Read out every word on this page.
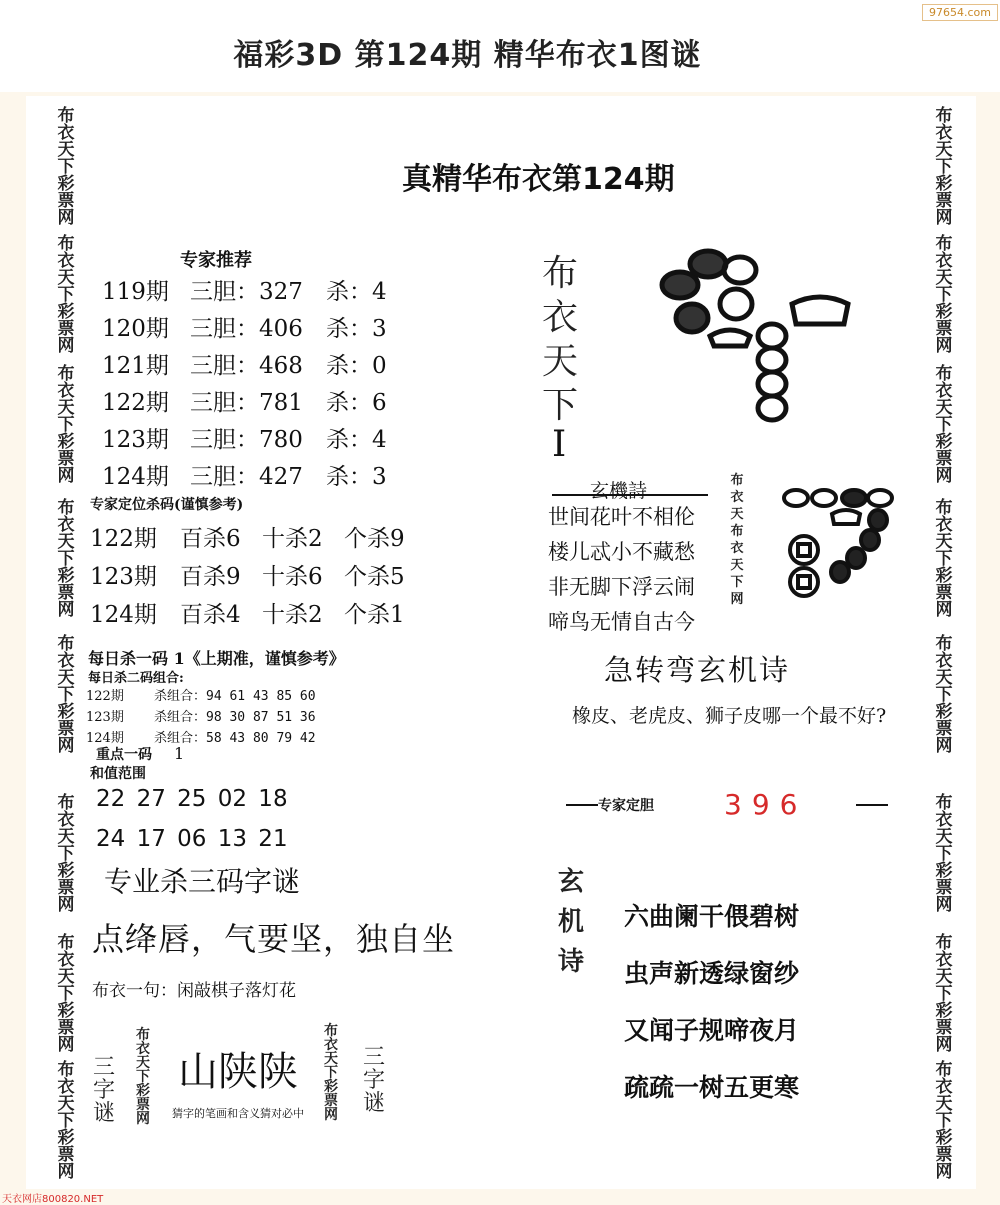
福彩3D 第124期 精华布衣1图谜
97654.com
布衣天下彩票网
布衣天下彩票网
布衣天下彩票网
布衣天下彩票网
布衣天下彩票网
布衣天下彩票网
布衣天下彩票网
布衣天下彩票网
布衣天下彩票网
布衣天下彩票网
布衣天下彩票网
布衣天下彩票网
布衣天下彩票网
布衣天下彩票网
布衣天下彩票网
布衣天下彩票网
真精华布衣第124期
专家推荐
119期 三胆：327 杀：4
120期 三胆：406 杀：3
121期 三胆：468 杀：0
122期 三胆：781 杀：6
123期 三胆：780 杀：4
124期 三胆：427 杀：3
专家定位杀码(谨慎参考)
122期 百杀6 十杀2 个杀9
123期 百杀9 十杀6 个杀5
124期 百杀4 十杀2 个杀1
每日杀一码 1《上期准，谨慎参考》
每日杀二码组合:
122期 杀组合：94 61 43 85 60
123期 杀组合：98 30 87 51 36
124期 杀组合：58 43 80 79 42
重点一码 1
和值范围
22 27 25 02 18
24 17 06 13 21
专业杀三码字谜
点绛唇，气要坚，独自坐
布衣一句：闲敲棋子落灯花
三字谜
布衣天下彩票网
山陕陕
猜字的笔画和含义猜对必中
布衣天下彩票网
三字谜
布衣天下
I
玄機詩
世间花叶不相伦
楼儿忒小不藏愁
非无脚下浮云闹
啼鸟无情自古今
布衣天布衣天下网
急转弯玄机诗
橡皮、老虎皮、狮子皮哪一个最不好?
专家定胆	396
玄机诗
六曲阑干偎碧树
虫声新透绿窗纱
又闻子规啼夜月
疏疏一树五更寒
天衣网店800820.NET
